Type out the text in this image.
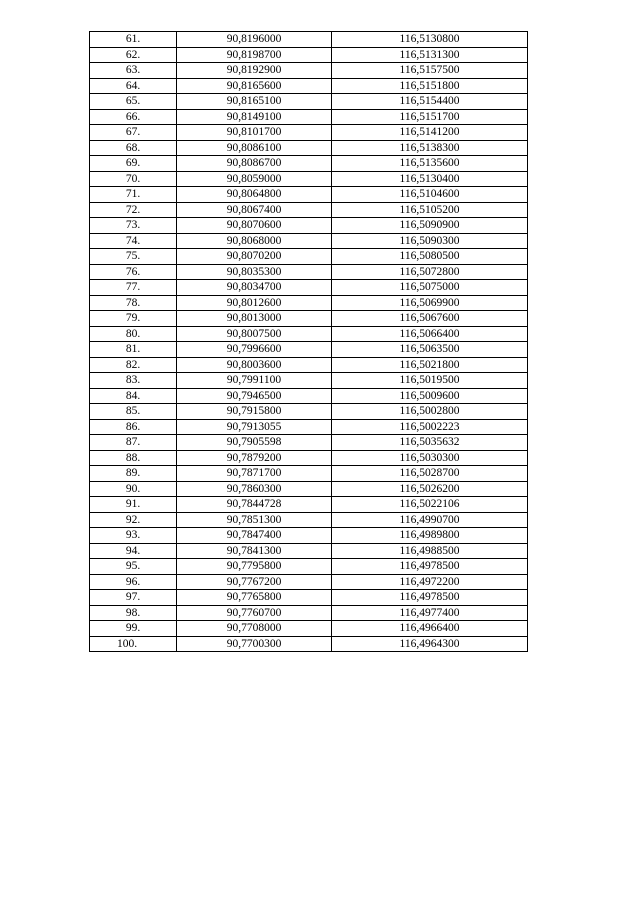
61.	90,8196000	116,5130800
62.	90,8198700	116,5131300
63.	90,8192900	116,5157500
64.	90,8165600	116,5151800
65.	90,8165100	116,5154400
66.	90,8149100	116,5151700
67.	90,8101700	116,5141200
68.	90,8086100	116,5138300
69.	90,8086700	116,5135600
70.	90,8059000	116,5130400
71.	90,8064800	116,5104600
72.	90,8067400	116,5105200
73.	90,8070600	116,5090900
74.	90,8068000	116,5090300
75.	90,8070200	116,5080500
76.	90,8035300	116,5072800
77.	90,8034700	116,5075000
78.	90,8012600	116,5069900
79.	90,8013000	116,5067600
80.	90,8007500	116,5066400
81.	90,7996600	116,5063500
82.	90,8003600	116,5021800
83.	90,7991100	116,5019500
84.	90,7946500	116,5009600
85.	90,7915800	116,5002800
86.	90,7913055	116,5002223
87.	90,7905598	116,5035632
88.	90,7879200	116,5030300
89.	90,7871700	116,5028700
90.	90,7860300	116,5026200
91.	90,7844728	116,5022106
92.	90,7851300	116,4990700
93.	90,7847400	116,4989800
94.	90,7841300	116,4988500
95.	90,7795800	116,4978500
96.	90,7767200	116,4972200
97.	90,7765800	116,4978500
98.	90,7760700	116,4977400
99.	90,7708000	116,4966400
100.	90,7700300	116,4964300
